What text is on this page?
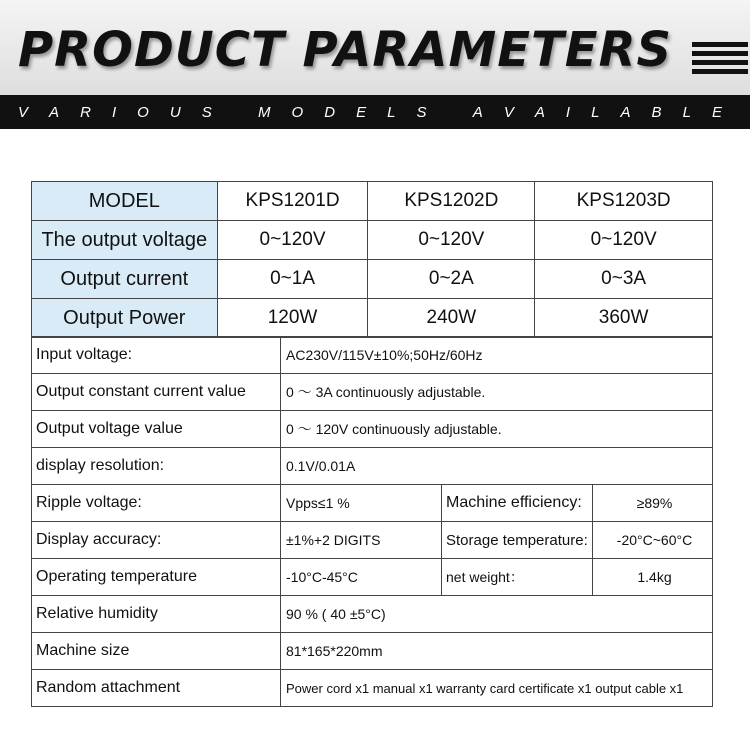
PRODUCT PARAMETERS
V A R I O U S
	M O D E L S
	A V A I L A B L E
MODEL	KPS1201D	KPS1202D	KPS1203D
The output voltage	0~120V	0~120V	0~120V
Output current	0~1A	0~2A	0~3A
Output Power	120W	240W	360W
Input voltage:	AC230V/115V±10%;50Hz/60Hz		
Output constant current value	0 ～ 3A continuously adjustable.		
Output voltage value	0 ～ 120V continuously adjustable.		
display resolution:	0.1V/0.01A		
Ripple voltage:	Vpps≤1 %	Machine efficiency:	≥89%
Display accuracy:	±1%+2 DIGITS	Storage temperature:	-20°C~60°C
Operating temperature	-10°C-45°C	net weight：	1.4kg
Relative humidity	90 % ( 40 ±5°C)		
Machine size	81*165*220mm		
Random attachment	Power cord x1 manual x1 warranty card certificate x1 output cable x1		
